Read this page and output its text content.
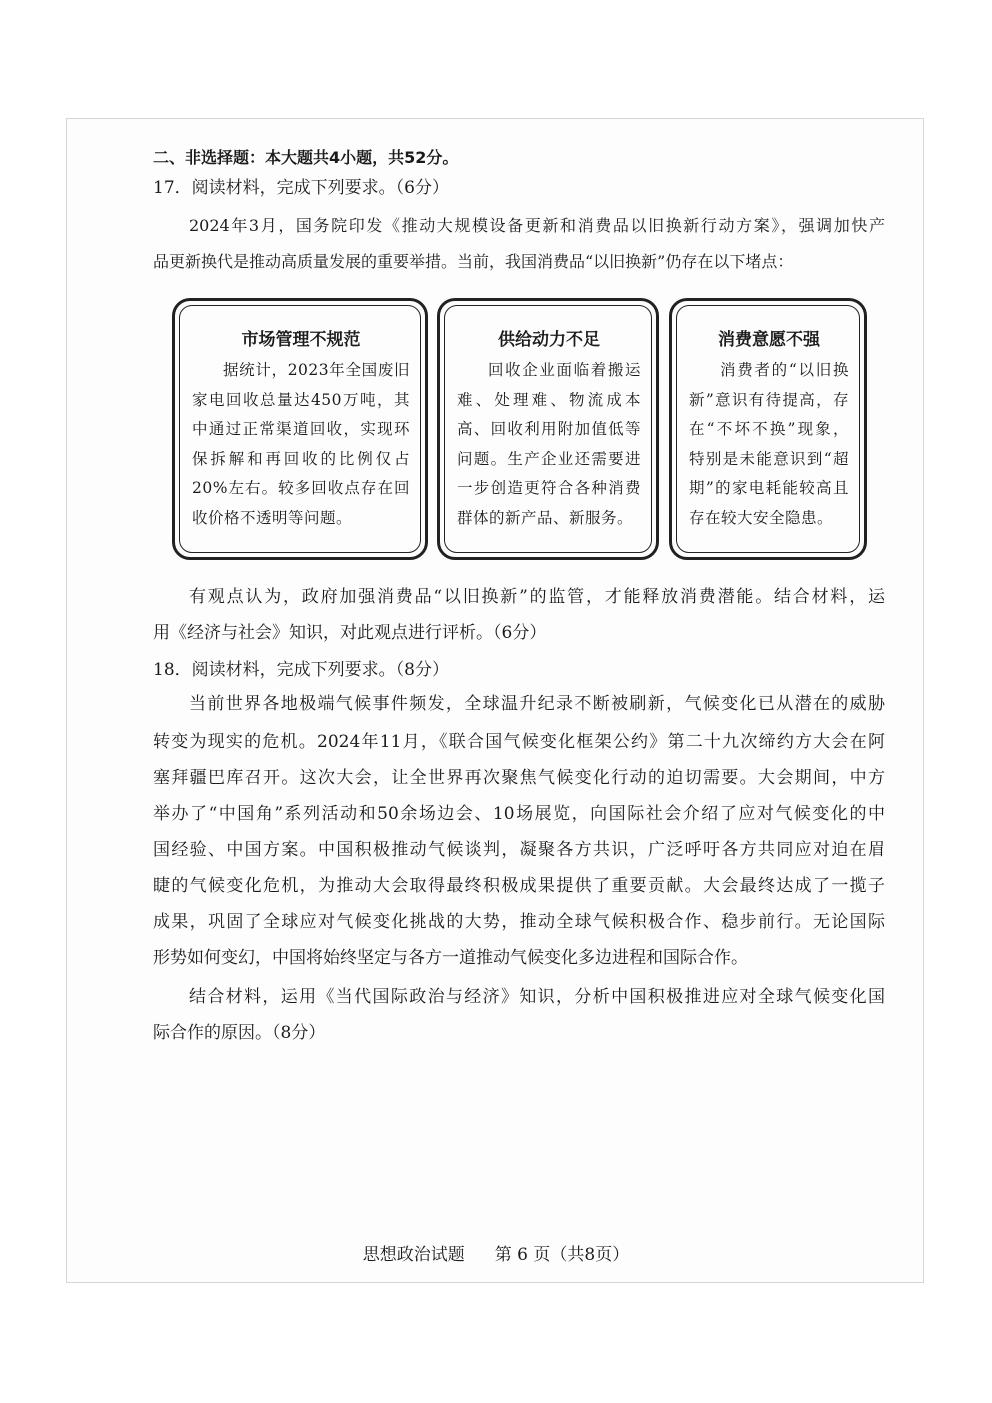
二、非选择题：本大题共4小题，共52分。
17．阅读材料，完成下列要求。（6分）
2024年3月，国务院印发《推动大规模设备更新和消费品以旧换新行动方案》，强调加快产
品更新换代是推动高质量发展的重要举措。当前，我国消费品“以旧换新”仍存在以下堵点：
市场管理不规范
据统计，2023年全国废旧家电回收总量达450万吨，其中通过正常渠道回收，实现环保拆解和再回收的比例仅占20%左右。较多回收点存在回收价格不透明等问题。
供给动力不足
回收企业面临着搬运难、处理难、物流成本高、回收利用附加值低等问题。生产企业还需要进一步创造更符合各种消费群体的新产品、新服务。
消费意愿不强
消费者的“以旧换新”意识有待提高，存在“不坏不换”现象，特别是未能意识到“超期”的家电耗能较高且存在较大安全隐患。
有观点认为，政府加强消费品“以旧换新”的监管，才能释放消费潜能。结合材料，运
用《经济与社会》知识，对此观点进行评析。（6分）
18．阅读材料，完成下列要求。（8分）
当前世界各地极端气候事件频发，全球温升纪录不断被刷新，气候变化已从潜在的威胁
转变为现实的危机。2024年11月，《联合国气候变化框架公约》第二十九次缔约方大会在阿
塞拜疆巴库召开。这次大会，让全世界再次聚焦气候变化行动的迫切需要。大会期间，中方
举办了“中国角”系列活动和50余场边会、10场展览，向国际社会介绍了应对气候变化的中
国经验、中国方案。中国积极推动气候谈判，凝聚各方共识，广泛呼吁各方共同应对迫在眉
睫的气候变化危机，为推动大会取得最终积极成果提供了重要贡献。大会最终达成了一揽子
成果，巩固了全球应对气候变化挑战的大势，推动全球气候积极合作、稳步前行。无论国际
形势如何变幻，中国将始终坚定与各方一道推动气候变化多边进程和国际合作。
结合材料，运用《当代国际政治与经济》知识，分析中国积极推进应对全球气候变化国
际合作的原因。（8分）
思想政治试题 第 6 页（共8页）
